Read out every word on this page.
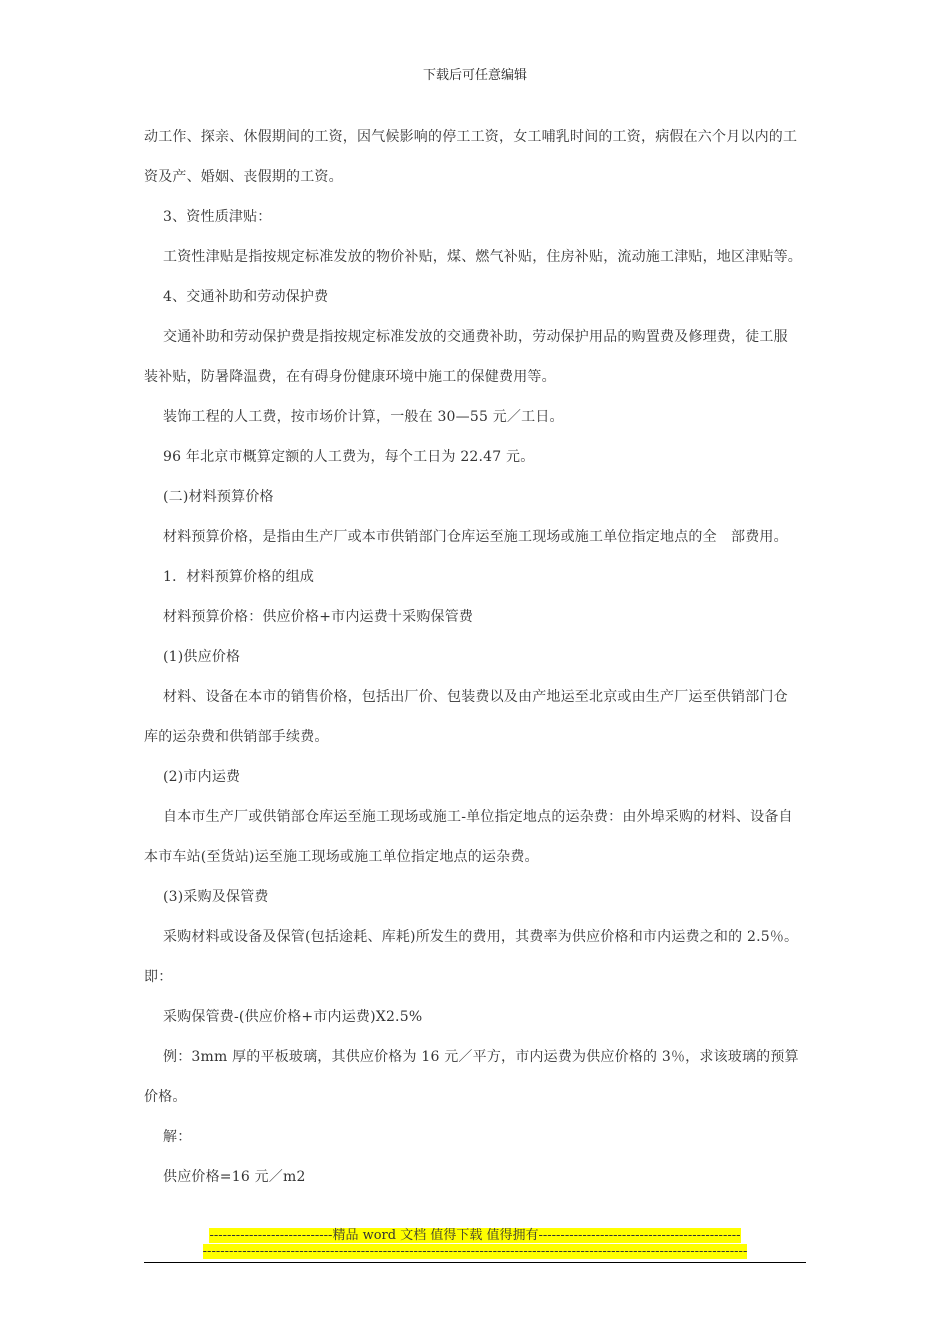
下载后可任意编辑

动工作、探亲、休假期间的工资，因气候影响的停工工资，女工哺乳时间的工资，病假在六个月以内的工

资及产、婚姻、丧假期的工资。

3、资性质津贴：

工资性津贴是指按规定标准发放的物价补贴，煤、燃气补贴，住房补贴，流动施工津贴，地区津贴等。

4、交通补助和劳动保护费

交通补助和劳动保护费是指按规定标准发放的交通费补助，劳动保护用品的购置费及修理费，徒工服

装补贴，防暑降温费，在有碍身份健康环境中施工的保健费用等。

装饰工程的人工费，按市场价计算，一般在 30—55 元／工日。

96 年北京市概算定额的人工费为，每个工日为 22.47 元。

(二)材料预算价格

材料预算价格，是指由生产厂或本市供销部门仓库运至施工现场或施工单位指定地点的全　部费用。

1．材料预算价格的组成

材料预算价格：供应价格+市内运费十采购保管费

(1)供应价格

材料、设备在本市的销售价格，包括出厂价、包装费以及由产地运至北京或由生产厂运至供销部门仓

库的运杂费和供销部手续费。

(2)市内运费

自本市生产厂或供销部仓库运至施工现场或施工-单位指定地点的运杂费：由外埠采购的材料、设备自

本市车站(至货站)运至施工现场或施工单位指定地点的运杂费。

(3)采购及保管费

采购材料或设备及保管(包括途耗、库耗)所发生的费用，其费率为供应价格和市内运费之和的 2.5％。

即：

采购保管费-(供应价格+市内运费)X2.5%

例：3mm 厚的平板玻璃，其供应价格为 16 元／平方，市内运费为供应价格的 3％，求该玻璃的预算

价格。

解：

供应价格=16 元／m2

----------------------------精品 word 文档 值得下载 值得拥有----------------------------------------------
----------------------------------------------------------------------------------------------------------------------------
